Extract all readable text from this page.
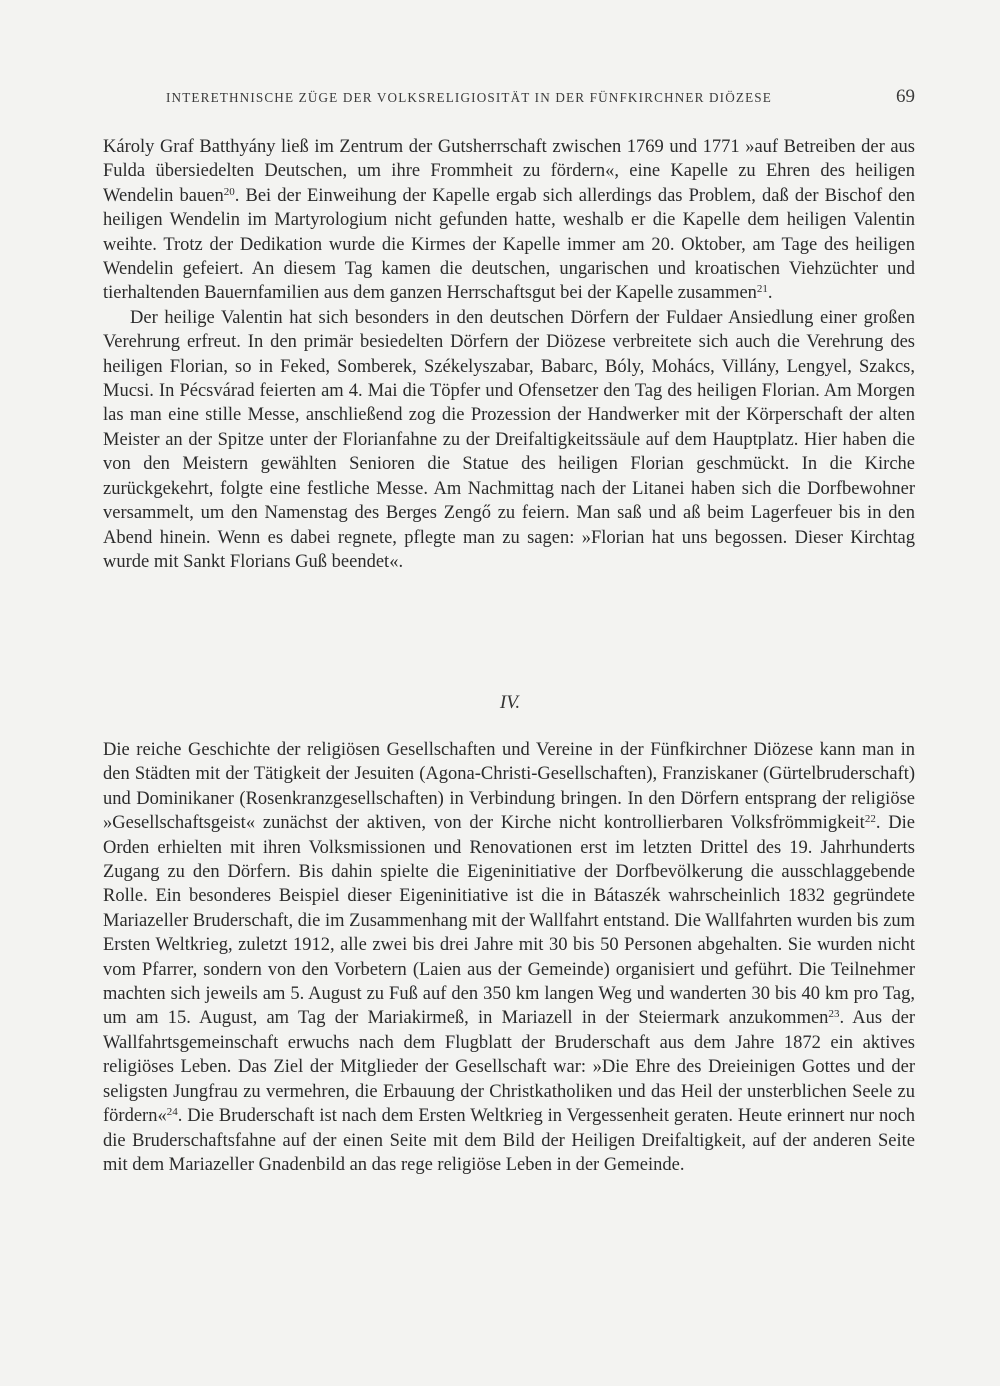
INTERETHNISCHE ZÜGE DER VOLKSRELIGIOSITÄT IN DER FÜNFKIRCHNER DIÖZESE	69

Károly Graf Batthyány ließ im Zentrum der Gutsherrschaft zwischen 1769 und 1771 »auf Betreiben der aus Fulda übersiedelten Deutschen, um ihre Frommheit zu fördern«, eine Kapelle zu Ehren des heiligen Wendelin bauen$^{20}$. Bei der Einweihung der Kapelle ergab sich allerdings das Problem, daß der Bischof den heiligen Wendelin im Martyrologium nicht gefunden hatte, weshalb er die Kapelle dem heiligen Valentin weihte. Trotz der Dedikation wurde die Kirmes der Kapelle immer am 20. Oktober, am Tage des heiligen Wendelin gefeiert. An diesem Tag kamen die deutschen, ungarischen und kroatischen Viehzüchter und tierhaltenden Bauernfamilien aus dem ganzen Herrschaftsgut bei der Kapelle zusammen$^{21}$.

Der heilige Valentin hat sich besonders in den deutschen Dörfern der Fuldaer Ansiedlung einer großen Verehrung erfreut. In den primär besiedelten Dörfern der Diözese verbreitete sich auch die Verehrung des heiligen Florian, so in Feked, Somberek, Székelyszabar, Babarc, Bóly, Mohács, Villány, Lengyel, Szakcs, Mucsi. In Pécsvárad feierten am 4. Mai die Töpfer und Ofensetzer den Tag des heiligen Florian. Am Morgen las man eine stille Messe, anschließend zog die Prozession der Handwerker mit der Körperschaft der alten Meister an der Spitze unter der Florianfahne zu der Dreifaltigkeitssäule auf dem Hauptplatz. Hier haben die von den Meistern gewählten Senioren die Statue des heiligen Florian geschmückt. In die Kirche zurückgekehrt, folgte eine festliche Messe. Am Nachmittag nach der Litanei haben sich die Dorfbewohner versammelt, um den Namenstag des Berges Zengő zu feiern. Man saß und aß beim Lagerfeuer bis in den Abend hinein. Wenn es dabei regnete, pflegte man zu sagen: »Florian hat uns begossen. Dieser Kirchtag wurde mit Sankt Florians Guß beendet«.

IV.

Die reiche Geschichte der religiösen Gesellschaften und Vereine in der Fünfkirchner Diözese kann man in den Städten mit der Tätigkeit der Jesuiten (Agona-Christi-Gesellschaften), Franziskaner (Gürtelbruderschaft) und Dominikaner (Rosenkranzgesellschaften) in Verbindung bringen. In den Dörfern entsprang der religiöse »Gesellschaftsgeist« zunächst der aktiven, von der Kirche nicht kontrollierbaren Volksfrömmigkeit$^{22}$. Die Orden erhielten mit ihren Volksmissionen und Renovationen erst im letzten Drittel des 19. Jahrhunderts Zugang zu den Dörfern. Bis dahin spielte die Eigeninitiative der Dorfbevölkerung die ausschlaggebende Rolle. Ein besonderes Beispiel dieser Eigeninitiative ist die in Bátaszék wahrscheinlich 1832 gegründete Mariazeller Bruderschaft, die im Zusammenhang mit der Wallfahrt entstand. Die Wallfahrten wurden bis zum Ersten Weltkrieg, zuletzt 1912, alle zwei bis drei Jahre mit 30 bis 50 Personen abgehalten. Sie wurden nicht vom Pfarrer, sondern von den Vorbetern (Laien aus der Gemeinde) organisiert und geführt. Die Teilnehmer machten sich jeweils am 5. August zu Fuß auf den 350 km langen Weg und wanderten 30 bis 40 km pro Tag, um am 15. August, am Tag der Mariakirmeß, in Mariazell in der Steiermark anzukommen$^{23}$. Aus der Wallfahrtsgemeinschaft erwuchs nach dem Flugblatt der Bruderschaft aus dem Jahre 1872 ein aktives religiöses Leben. Das Ziel der Mitglieder der Gesellschaft war: »Die Ehre des Dreieinigen Gottes und der seligsten Jungfrau zu vermehren, die Erbauung der Christkatholiken und das Heil der unsterblichen Seele zu fördern«$^{24}$. Die Bruderschaft ist nach dem Ersten Weltkrieg in Vergessenheit geraten. Heute erinnert nur noch die Bruderschaftsfahne auf der einen Seite mit dem Bild der Heiligen Dreifaltigkeit, auf der anderen Seite mit dem Mariazeller Gnadenbild an das rege religiöse Leben in der Gemeinde.
